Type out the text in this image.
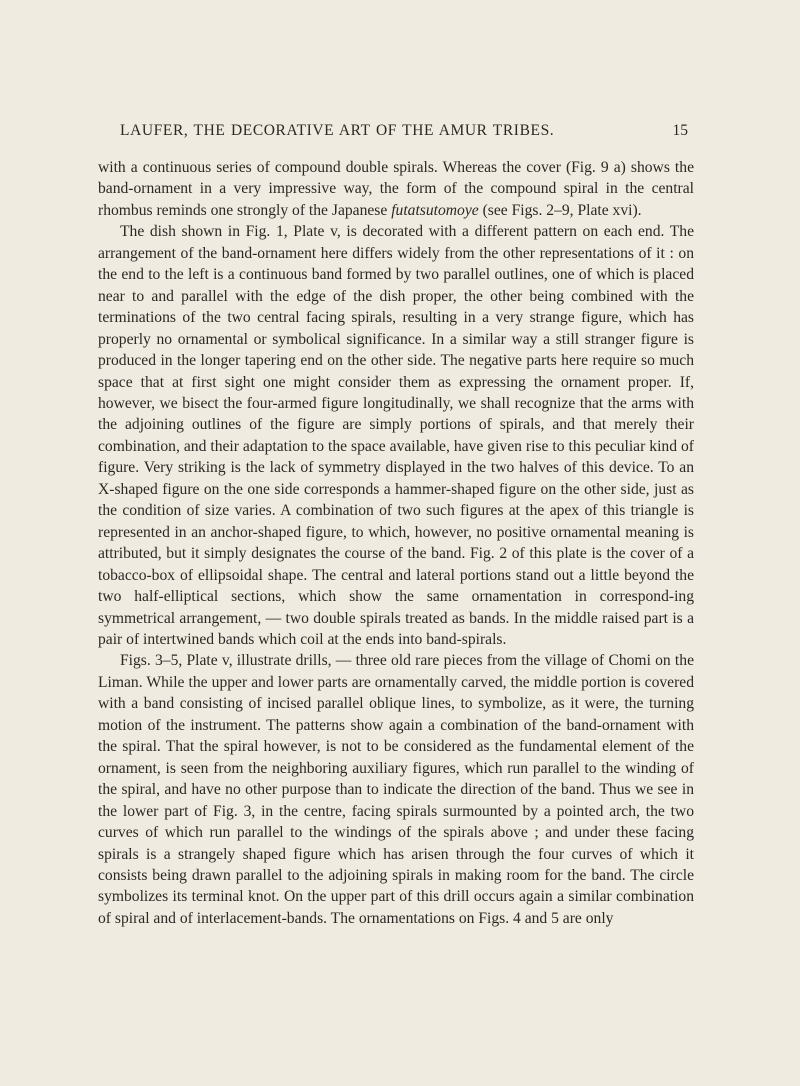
LAUFER, THE DECORATIVE ART OF THE AMUR TRIBES.	15

with a continuous series of compound double spirals. Whereas the cover (Fig. 9 a) shows the band-ornament in a very impressive way, the form of the compound spiral in the central rhombus reminds one strongly of the Japanese futatsutomoye (see Figs. 2–9, Plate xvi).

The dish shown in Fig. 1, Plate v, is decorated with a different pattern on each end. The arrangement of the band-ornament here differs widely from the other representations of it : on the end to the left is a continuous band formed by two parallel outlines, one of which is placed near to and parallel with the edge of the dish proper, the other being combined with the terminations of the two central facing spirals, resulting in a very strange figure, which has properly no ornamental or symbolical significance. In a similar way a still stranger figure is produced in the longer tapering end on the other side. The negative parts here require so much space that at first sight one might consider them as expressing the ornament proper. If, however, we bisect the four-armed figure longitudinally, we shall recognize that the arms with the adjoining outlines of the figure are simply portions of spirals, and that merely their combination, and their adaptation to the space available, have given rise to this peculiar kind of figure. Very striking is the lack of symmetry displayed in the two halves of this device. To an X-shaped figure on the one side corresponds a hammer-shaped figure on the other side, just as the condition of size varies. A combination of two such figures at the apex of this triangle is represented in an anchor-shaped figure, to which, however, no positive ornamental meaning is attributed, but it simply designates the course of the band. Fig. 2 of this plate is the cover of a tobacco-box of ellipsoidal shape. The central and lateral portions stand out a little beyond the two half-elliptical sections, which show the same ornamentation in correspond-ing symmetrical arrangement, — two double spirals treated as bands. In the middle raised part is a pair of intertwined bands which coil at the ends into band-spirals.

Figs. 3–5, Plate v, illustrate drills, — three old rare pieces from the village of Chomi on the Liman. While the upper and lower parts are ornamentally carved, the middle portion is covered with a band consisting of incised parallel oblique lines, to symbolize, as it were, the turning motion of the instrument. The patterns show again a combination of the band-ornament with the spiral. That the spiral however, is not to be considered as the fundamental element of the ornament, is seen from the neighboring auxiliary figures, which run parallel to the winding of the spiral, and have no other purpose than to indicate the direction of the band. Thus we see in the lower part of Fig. 3, in the centre, facing spirals surmounted by a pointed arch, the two curves of which run parallel to the windings of the spirals above ; and under these facing spirals is a strangely shaped figure which has arisen through the four curves of which it consists being drawn parallel to the adjoining spirals in making room for the band. The circle symbolizes its terminal knot. On the upper part of this drill occurs again a similar combination of spiral and of interlacement-bands. The ornamentations on Figs. 4 and 5 are only
